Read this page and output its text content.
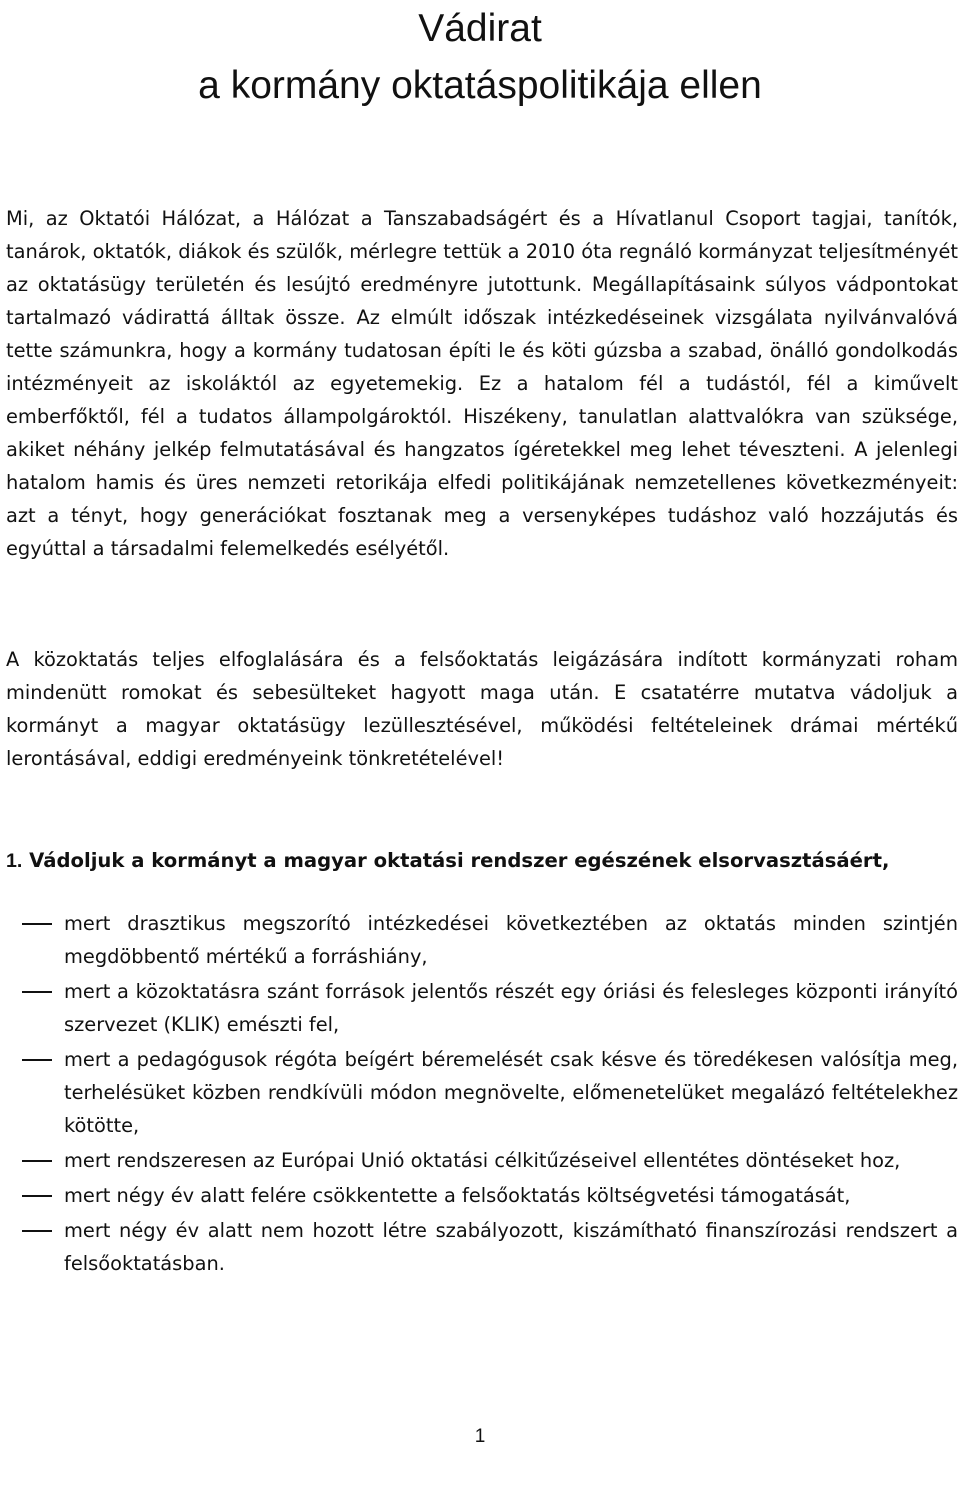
Vádirat
a kormány oktatáspolitikája ellen

Mi, az Oktatói Hálózat, a Hálózat a Tanszabadságért és a Hívatlanul Csoport tagjai, tanítók, tanárok, oktatók, diákok és szülők, mérlegre tettük a 2010 óta regnáló kormányzat teljesítményét az oktatásügy területén és lesújtó eredményre jutottunk. Megállapításaink súlyos vádpontokat tartalmazó vádirattá álltak össze. Az elmúlt időszak intézkedéseinek vizsgálata nyilvánvalóvá tette számunkra, hogy a kormány tudatosan építi le és köti gúzsba a szabad, önálló gondolkodás intézményeit az iskoláktól az egyetemekig. Ez a hatalom fél a tudástól, fél a kiművelt emberfőktől, fél a tudatos állampolgároktól. Hiszékeny, tanulatlan alattvalókra van szüksége, akiket néhány jelkép felmutatásával és hangzatos ígéretekkel meg lehet téveszteni. A jelenlegi hatalom hamis és üres nemzeti retorikája elfedi politikájának nemzetellenes következményeit: azt a tényt, hogy generációkat fosztanak meg a versenyképes tudáshoz való hozzájutás és egyúttal a társadalmi felemelkedés esélyétől.

A közoktatás teljes elfoglalására és a felsőoktatás leigázására indított kormányzati roham mindenütt romokat és sebesülteket hagyott maga után. E csatatérre mutatva vádoljuk a kormányt a magyar oktatásügy lezüllesztésével, működési feltételeinek drámai mértékű lerontásával, eddigi eredményeink tönkretételével!

1. Vádoljuk a kormányt a magyar oktatási rendszer egészének elsorvasztásáért,
mert drasztikus megszorító intézkedései következtében az oktatás minden szintjén megdöbbentő mértékű a forráshiány,
mert a közoktatásra szánt források jelentős részét egy óriási és felesleges központi irányító szervezet (KLIK) emészti fel,
mert a pedagógusok régóta beígért béremelését csak késve és töredékesen valósítja meg, terhelésüket közben rendkívüli módon megnövelte, előmenetelüket megalázó feltételekhez kötötte,
mert rendszeresen az Európai Unió oktatási célkitűzéseivel ellentétes döntéseket hoz,
mert négy év alatt felére csökkentette a felsőoktatás költségvetési támogatását,
mert négy év alatt nem hozott létre szabályozott, kiszámítható finanszírozási rendszert a felsőoktatásban.
1
